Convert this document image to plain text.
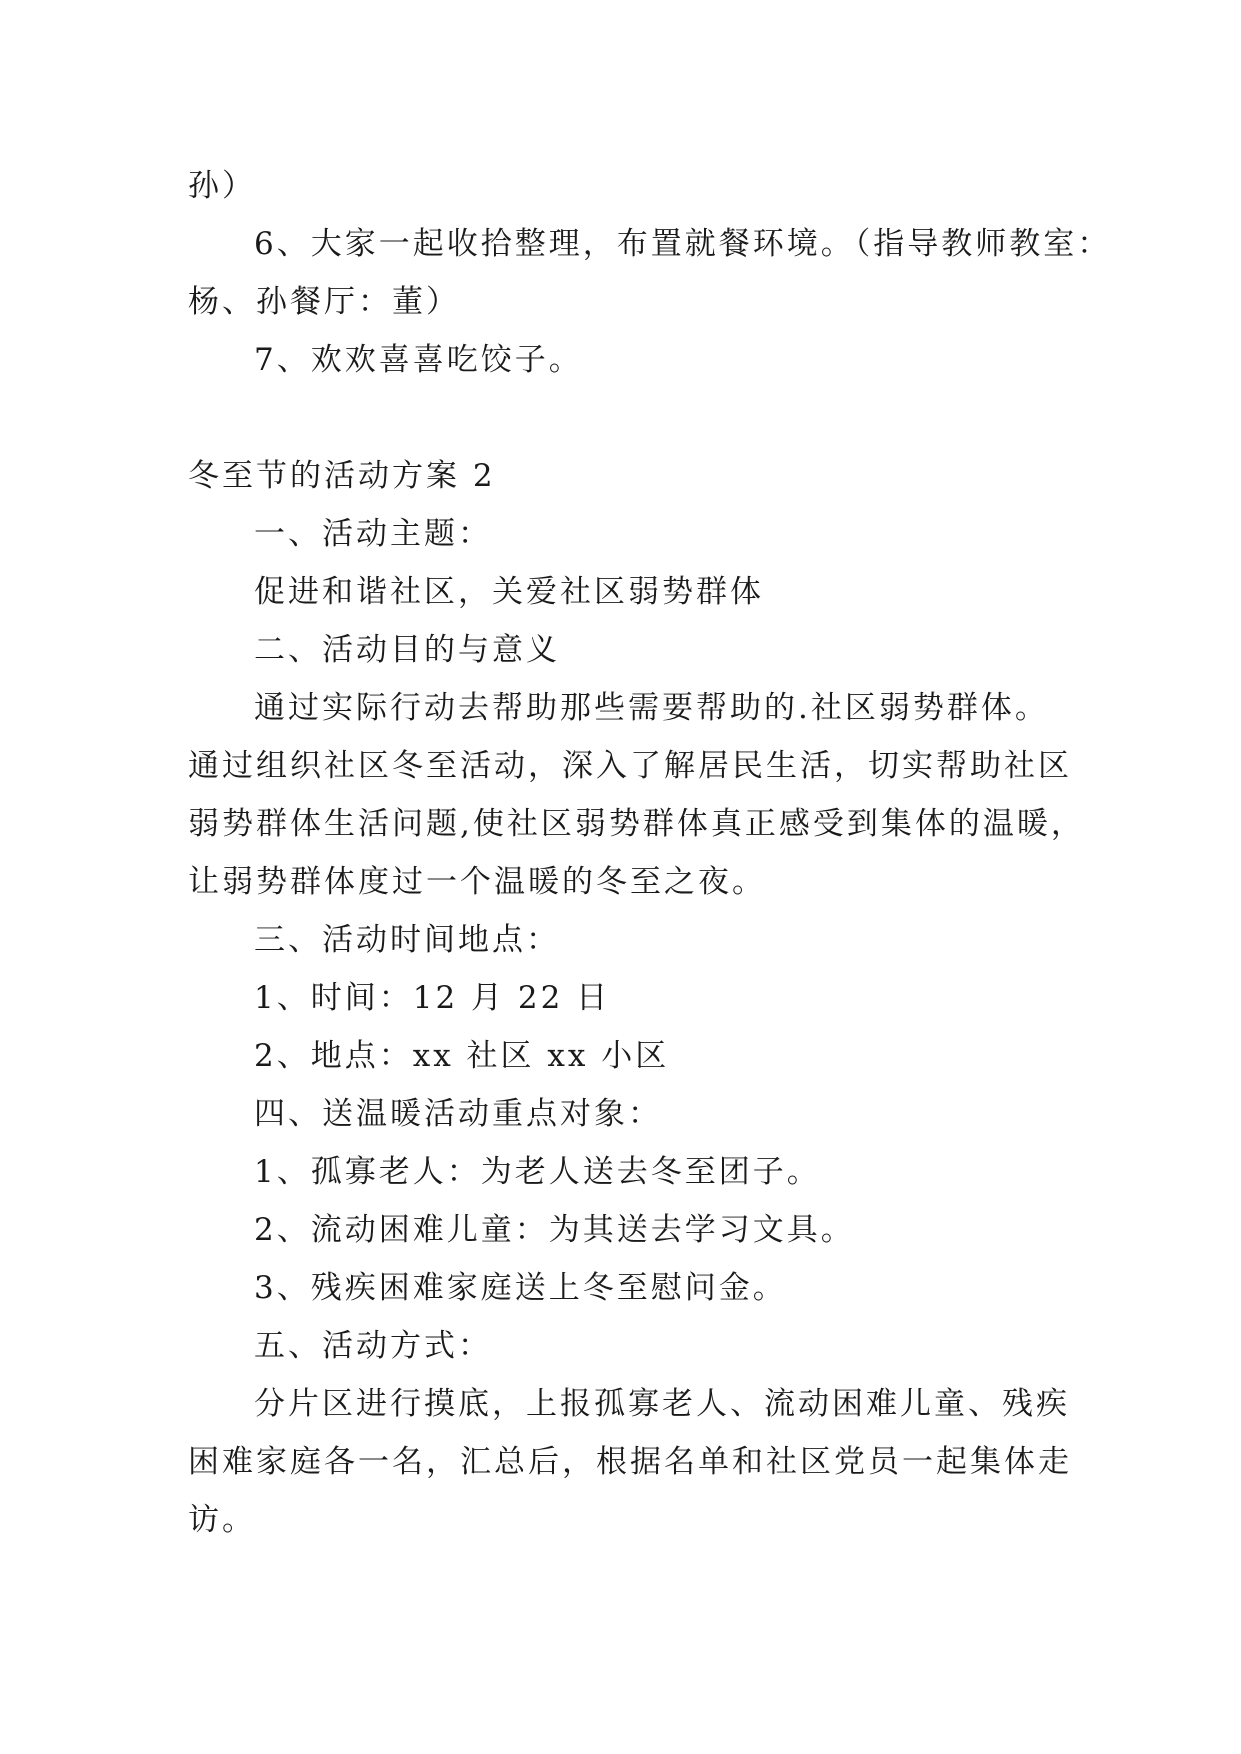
孙）
6、大家一起收拾整理，布置就餐环境。（指导教师教室：
杨、孙餐厅：董）
7、欢欢喜喜吃饺子。
冬至节的活动方案 2
一、活动主题：
促进和谐社区，关爱社区弱势群体
二、活动目的与意义
通过实际行动去帮助那些需要帮助的.社区弱势群体。
通过组织社区冬至活动，深入了解居民生活，切实帮助社区
弱势群体生活问题,使社区弱势群体真正感受到集体的温暖，
让弱势群体度过一个温暖的冬至之夜。
三、活动时间地点：
1、时间：12 月 22 日
2、地点：xx 社区 xx 小区
四、送温暖活动重点对象：
1、孤寡老人：为老人送去冬至团子。
2、流动困难儿童：为其送去学习文具。
3、残疾困难家庭送上冬至慰问金。
五、活动方式：
分片区进行摸底，上报孤寡老人、流动困难儿童、残疾
困难家庭各一名，汇总后，根据名单和社区党员一起集体走
访。
